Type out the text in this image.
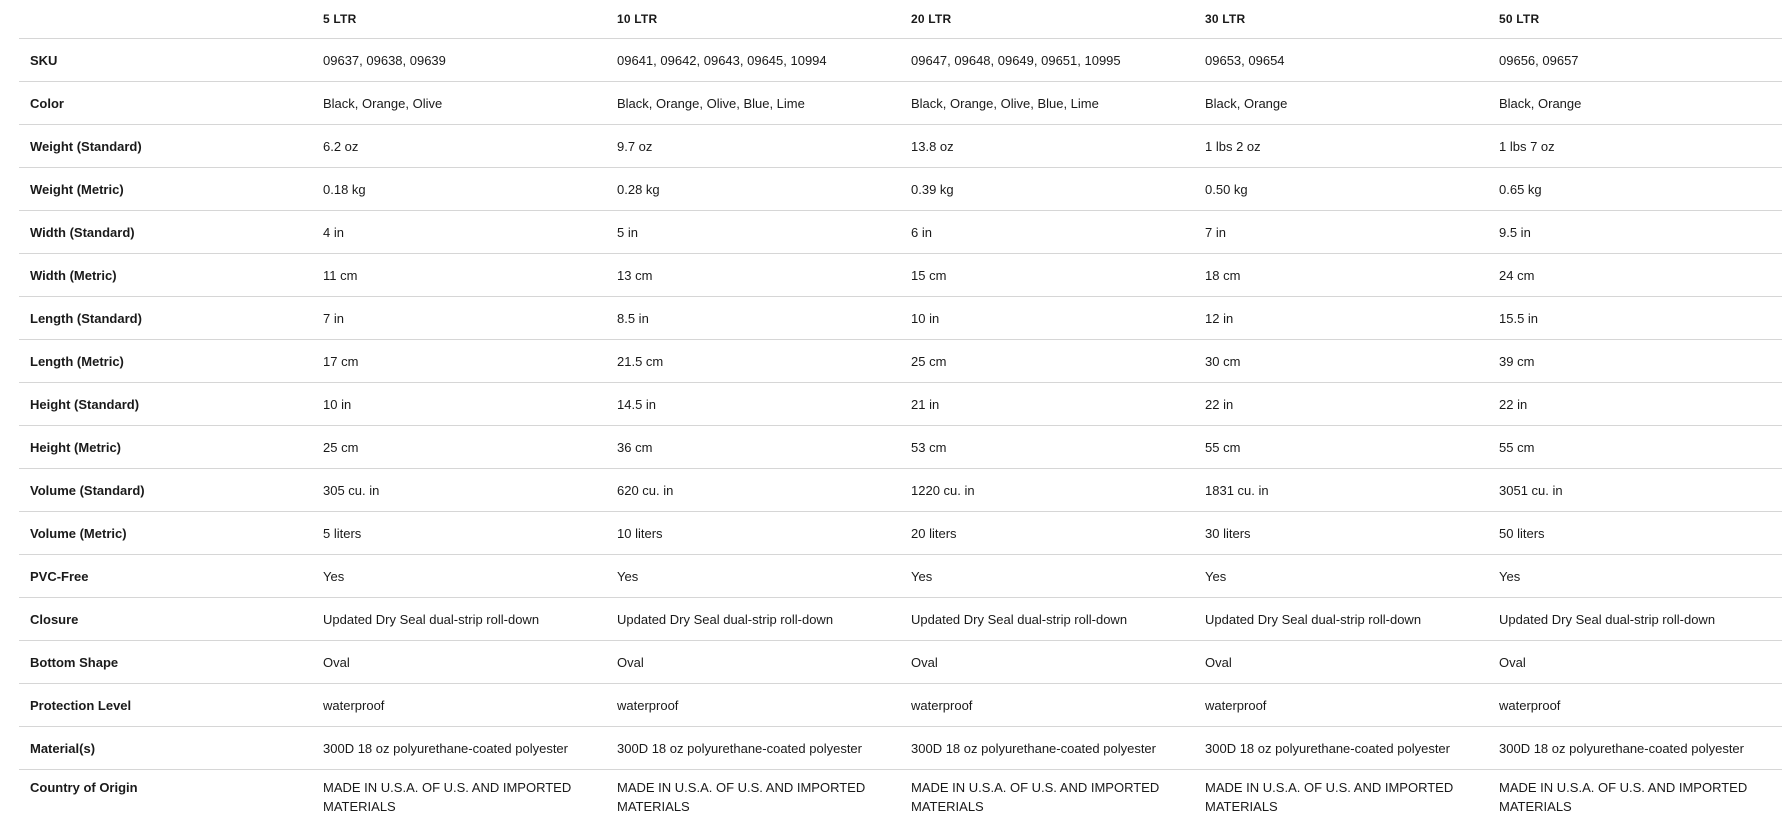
	5 LTR	10 LTR	20 LTR	30 LTR	50 LTR
SKU	09637, 09638, 09639	09641, 09642, 09643, 09645, 10994	09647, 09648, 09649, 09651, 10995	09653, 09654	09656, 09657
Color	Black, Orange, Olive	Black, Orange, Olive, Blue, Lime	Black, Orange, Olive, Blue, Lime	Black, Orange	Black, Orange
Weight (Standard)	6.2 oz	9.7 oz	13.8 oz	1 lbs 2 oz	1 lbs 7 oz
Weight (Metric)	0.18 kg	0.28 kg	0.39 kg	0.50 kg	0.65 kg
Width (Standard)	4 in	5 in	6 in	7 in	9.5 in
Width (Metric)	11 cm	13 cm	15 cm	18 cm	24 cm
Length (Standard)	7 in	8.5 in	10 in	12 in	15.5 in
Length (Metric)	17 cm	21.5 cm	25 cm	30 cm	39 cm
Height (Standard)	10 in	14.5 in	21 in	22 in	22 in
Height (Metric)	25 cm	36 cm	53 cm	55 cm	55 cm
Volume (Standard)	305 cu. in	620 cu. in	1220 cu. in	1831 cu. in	3051 cu. in
Volume (Metric)	5 liters	10 liters	20 liters	30 liters	50 liters
PVC-Free	Yes	Yes	Yes	Yes	Yes
Closure	Updated Dry Seal dual-strip roll-down	Updated Dry Seal dual-strip roll-down	Updated Dry Seal dual-strip roll-down	Updated Dry Seal dual-strip roll-down	Updated Dry Seal dual-strip roll-down
Bottom Shape	Oval	Oval	Oval	Oval	Oval
Protection Level	waterproof	waterproof	waterproof	waterproof	waterproof
Material(s)	300D 18 oz polyurethane-coated polyester	300D 18 oz polyurethane-coated polyester	300D 18 oz polyurethane-coated polyester	300D 18 oz polyurethane-coated polyester	300D 18 oz polyurethane-coated polyester
Country of Origin	MADE IN U.S.A. OF U.S. AND IMPORTED MATERIALS	MADE IN U.S.A. OF U.S. AND IMPORTED MATERIALS	MADE IN U.S.A. OF U.S. AND IMPORTED MATERIALS	MADE IN U.S.A. OF U.S. AND IMPORTED MATERIALS	MADE IN U.S.A. OF U.S. AND IMPORTED MATERIALS
